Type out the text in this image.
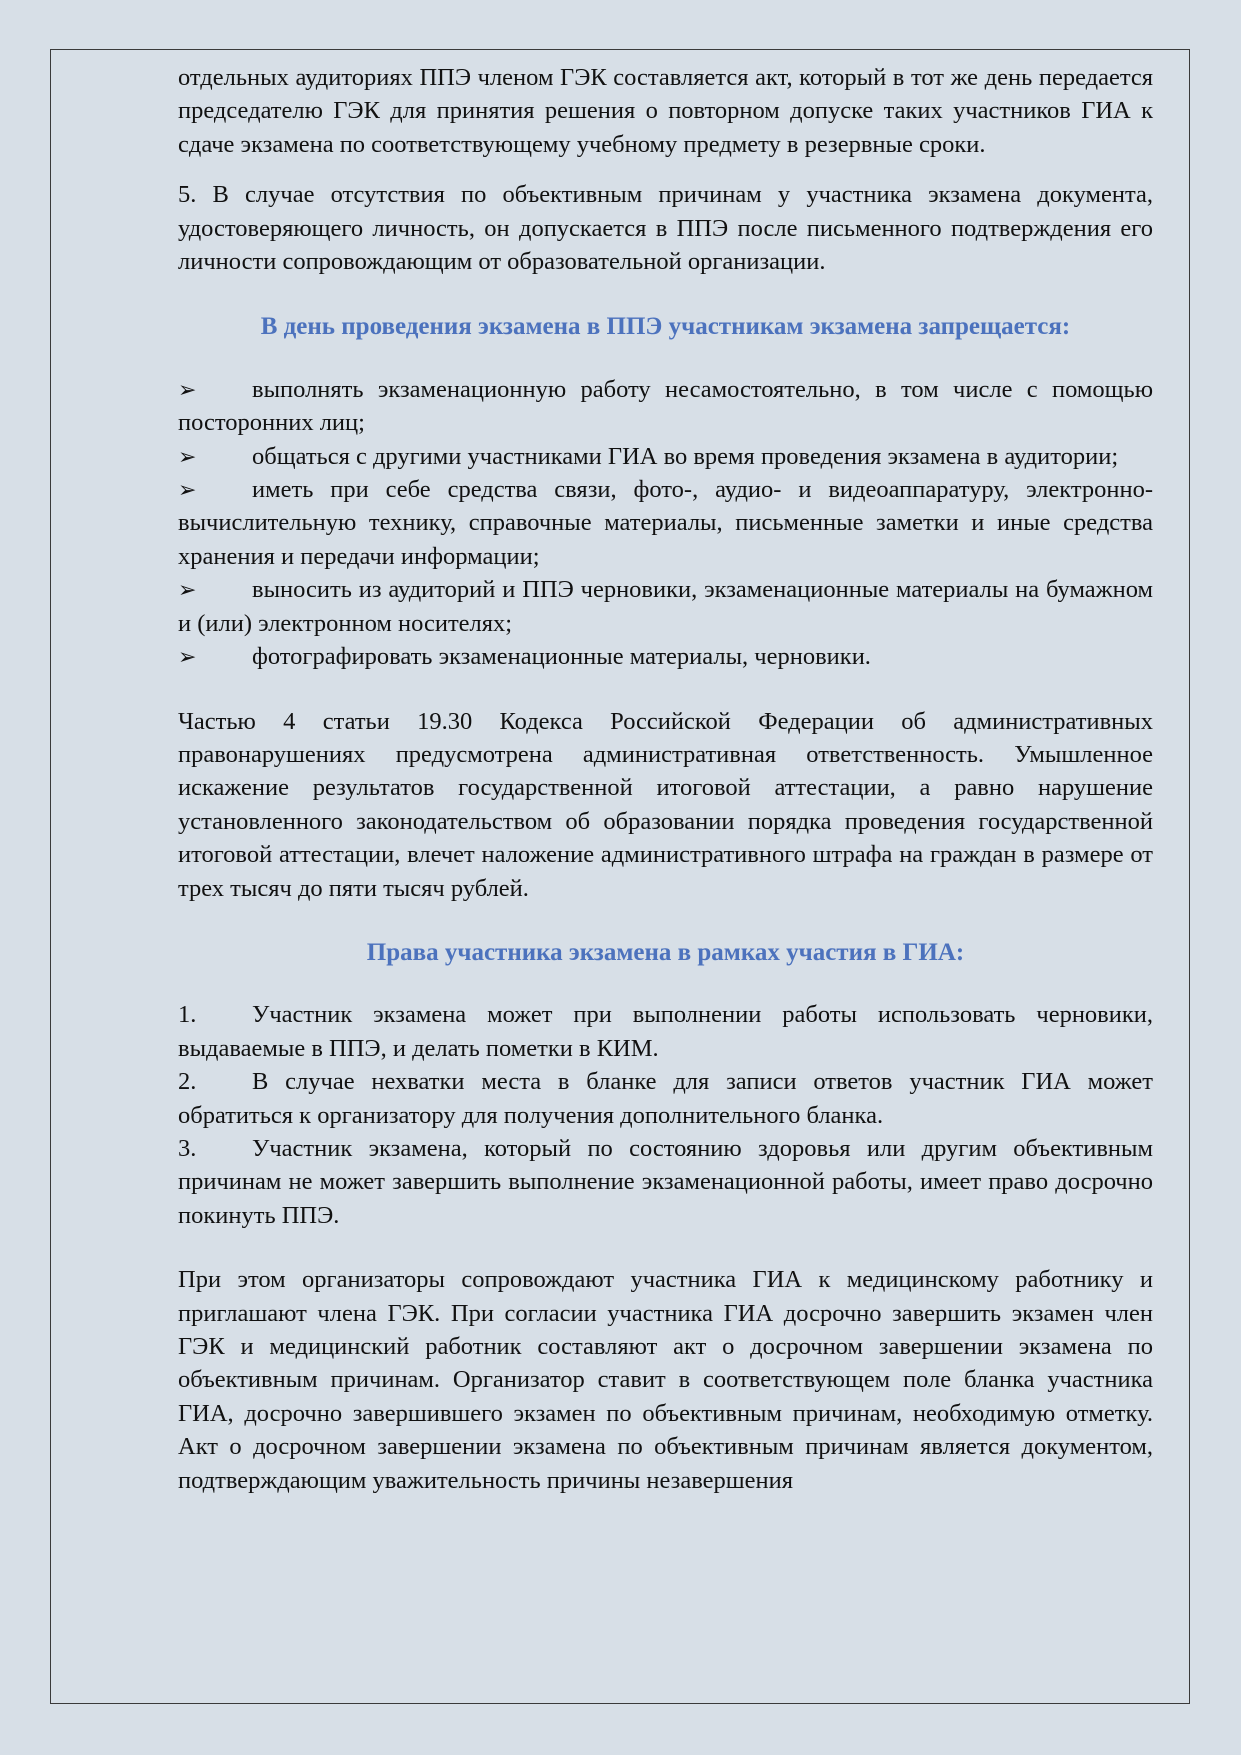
отдельных аудиториях ППЭ членом ГЭК составляется акт, который в тот же день передается председателю ГЭК для принятия решения о повторном допуске таких участников ГИА к сдаче экзамена по соответствующему учебному предмету в резервные сроки.

5. В случае отсутствия по объективным причинам у участника экзамена документа, удостоверяющего личность, он допускается в ППЭ после письменного подтверждения его личности сопровождающим от образовательной организации.

В день проведения экзамена в ППЭ участникам экзамена запрещается:

➢ выполнять экзаменационную работу несамостоятельно, в том числе с помощью посторонних лиц;

➢ общаться с другими участниками ГИА во время проведения экзамена в аудитории;

➢ иметь при себе средства связи, фото-, аудио- и видеоаппаратуру, электронно-вычислительную технику, справочные материалы, письменные заметки и иные средства хранения и передачи информации;

➢ выносить из аудиторий и ППЭ черновики, экзаменационные материалы на бумажном и (или) электронном носителях;

➢ фотографировать экзаменационные материалы, черновики.

Частью 4 статьи 19.30 Кодекса Российской Федерации об административных правонарушениях предусмотрена административная ответственность. Умышленное искажение результатов государственной итоговой аттестации, а равно нарушение установленного законодательством об образовании порядка проведения государственной итоговой аттестации, влечет наложение административного штрафа на граждан в размере от трех тысяч до пяти тысяч рублей.

Права участника экзамена в рамках участия в ГИА:

1. Участник экзамена может при выполнении работы использовать черновики, выдаваемые в ППЭ, и делать пометки в КИМ.

2. В случае нехватки места в бланке для записи ответов участник ГИА может обратиться к организатору для получения дополнительного бланка.

3. Участник экзамена, который по состоянию здоровья или другим объективным причинам не может завершить выполнение экзаменационной работы, имеет право досрочно покинуть ППЭ.

При этом организаторы сопровождают участника ГИА к медицинскому работнику и приглашают члена ГЭК. При согласии участника ГИА досрочно завершить экзамен член ГЭК и медицинский работник составляют акт о досрочном завершении экзамена по объективным причинам. Организатор ставит в соответствующем поле бланка участника ГИА, досрочно завершившего экзамен по объективным причинам, необходимую отметку. Акт о досрочном завершении экзамена по объективным причинам является документом, подтверждающим уважительность причины незавершения
